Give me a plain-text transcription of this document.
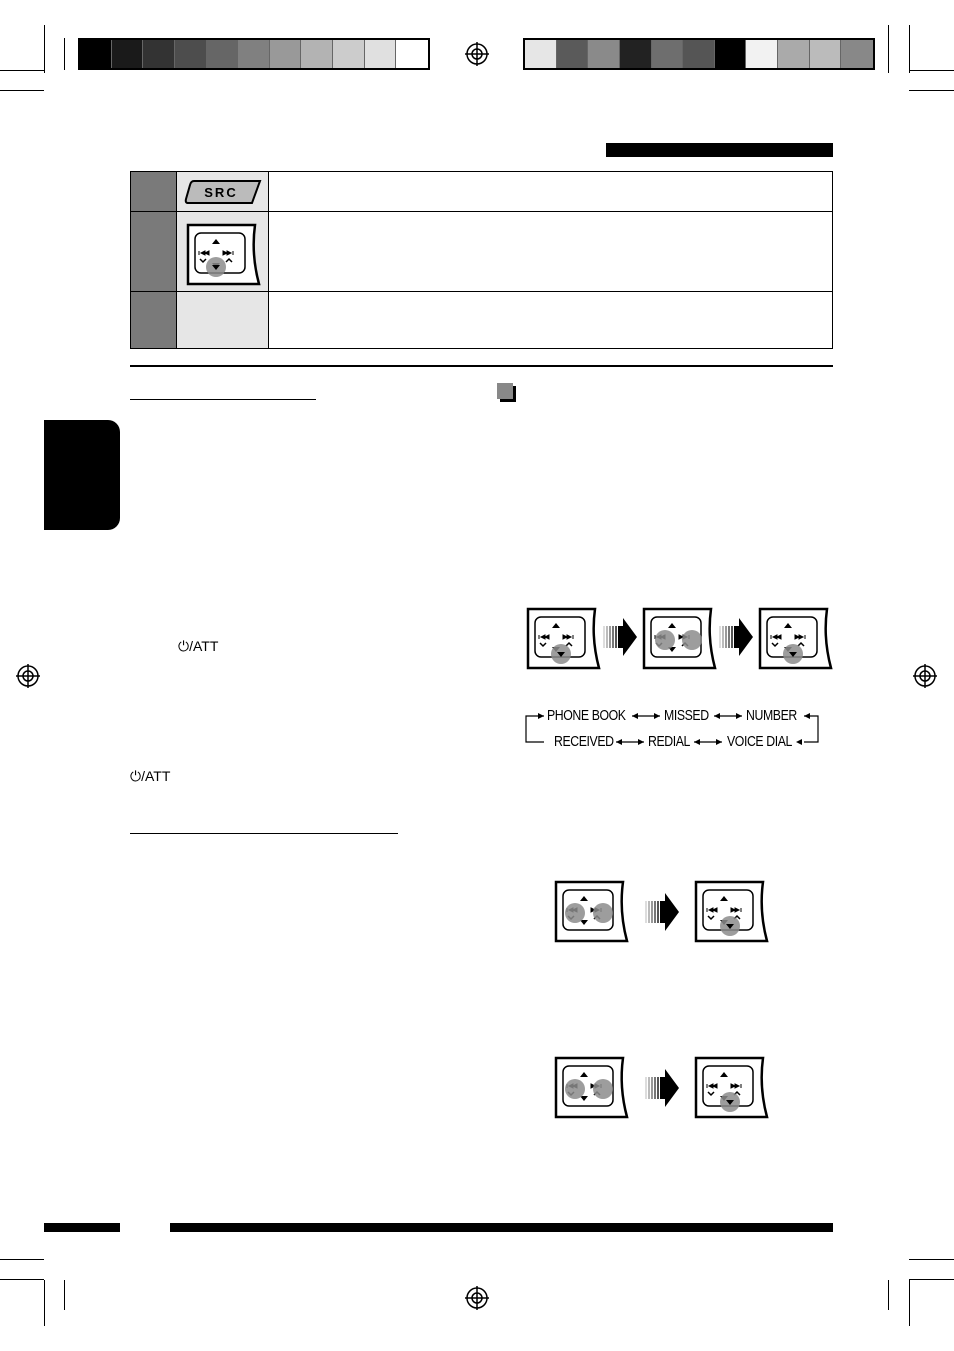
SRC
⏻/ATT
⏻/ATT
PHONE BOOK	MISSED NUMBER
RECEIVED REDIAL VOICE DIAL
